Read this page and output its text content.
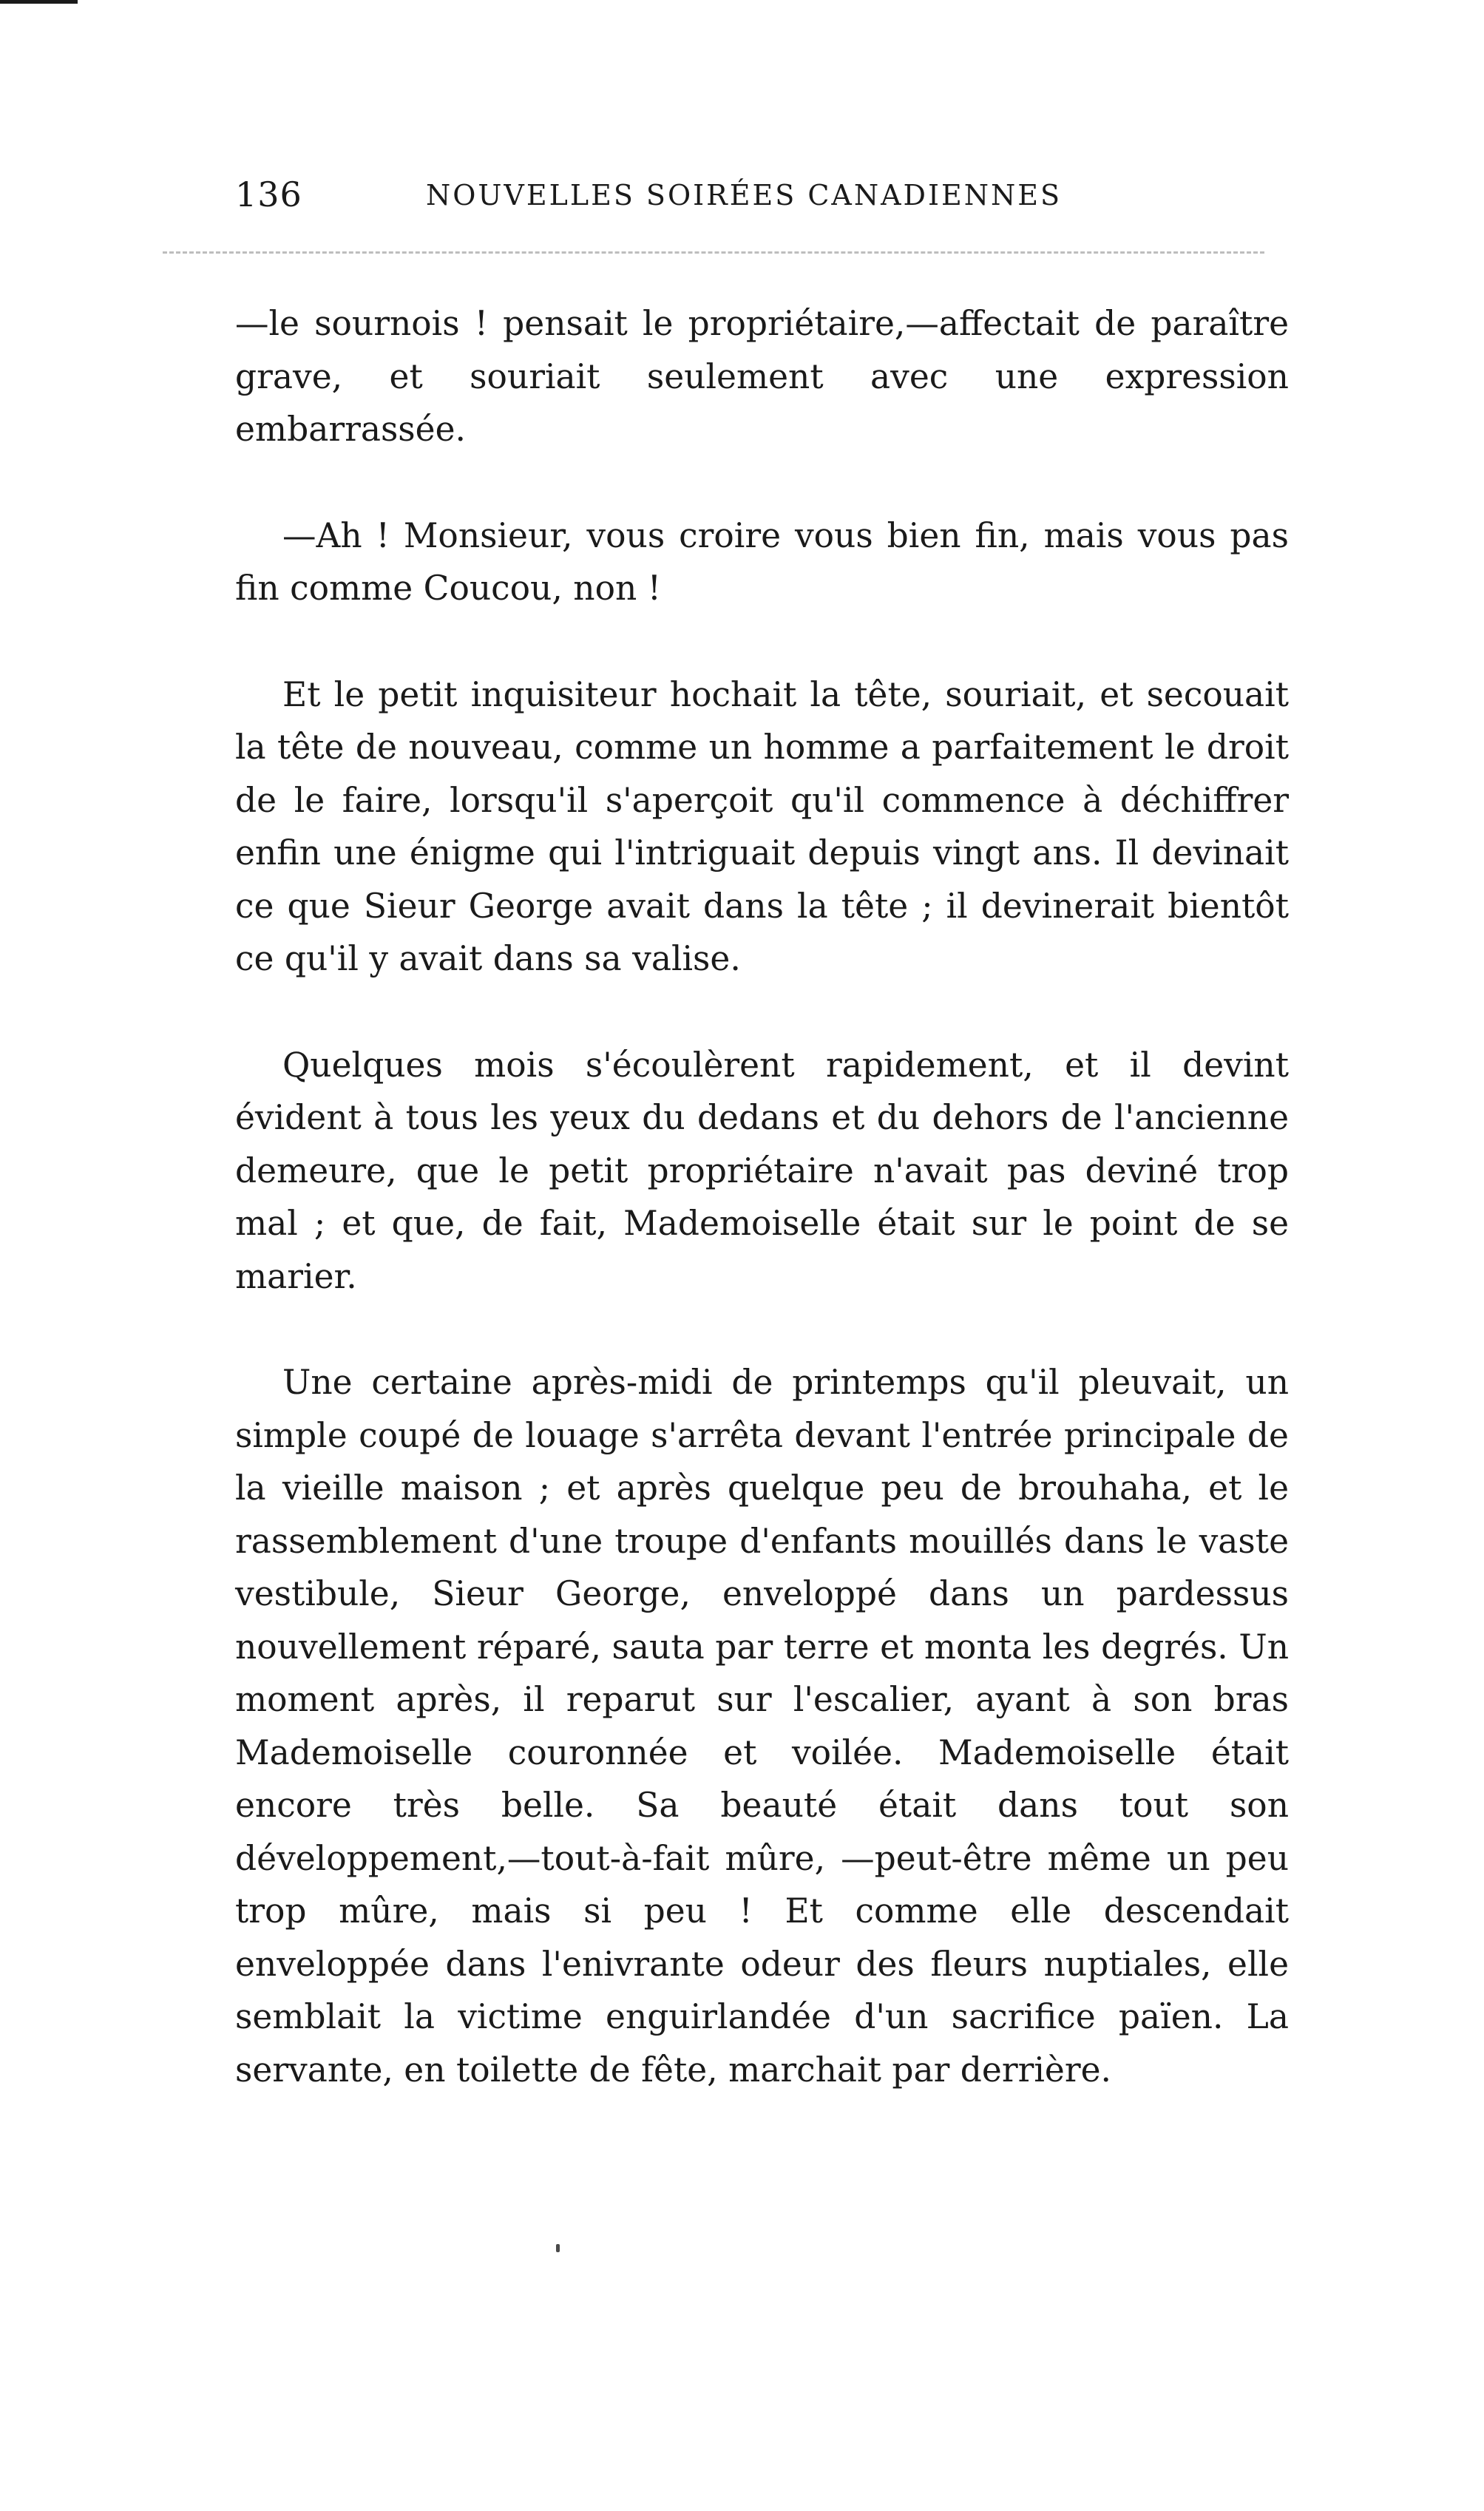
136	NOUVELLES SOIRÉES CANADIENNES

—le sournois ! pensait le propriétaire,—affectait de paraître grave, et souriait seulement avec une expression embarrassée.

—Ah ! Monsieur, vous croire vous bien fin, mais vous pas fin comme Coucou, non !

Et le petit inquisiteur hochait la tête, souriait, et secouait la tête de nouveau, comme un homme a parfaitement le droit de le faire, lorsqu'il s'aperçoit qu'il commence à déchiffrer enfin une énigme qui l'intriguait depuis vingt ans. Il devinait ce que Sieur George avait dans la tête ; il devinerait bientôt ce qu'il y avait dans sa valise.

Quelques mois s'écoulèrent rapidement, et il devint évident à tous les yeux du dedans et du dehors de l'ancienne demeure, que le petit propriétaire n'avait pas deviné trop mal ; et que, de fait, Mademoiselle était sur le point de se marier.

Une certaine après-midi de printemps qu'il pleuvait, un simple coupé de louage s'arrêta devant l'entrée principale de la vieille maison ; et après quelque peu de brouhaha, et le rassemblement d'une troupe d'enfants mouillés dans le vaste vestibule, Sieur George, enveloppé dans un pardessus nouvellement réparé, sauta par terre et monta les degrés. Un moment après, il reparut sur l'escalier, ayant à son bras Mademoiselle couronnée et voilée. Mademoiselle était encore très belle. Sa beauté était dans tout son développement,—tout-à-fait mûre, —peut-être même un peu trop mûre, mais si peu ! Et comme elle descendait enveloppée dans l'enivrante odeur des fleurs nuptiales, elle semblait la victime enguirlandée d'un sacrifice païen. La servante, en toilette de fête, marchait par derrière.
